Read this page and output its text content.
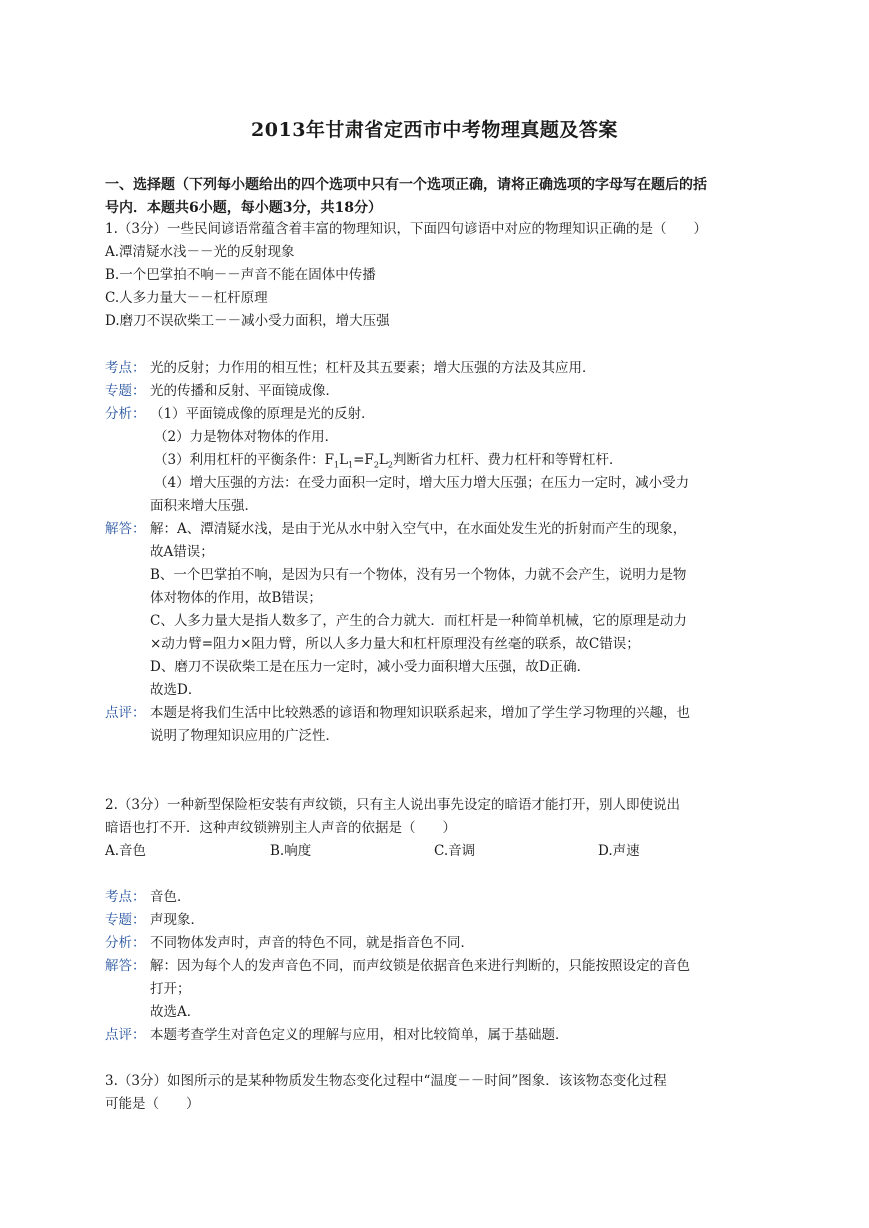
2013年甘肃省定西市中考物理真题及答案
一、选择题（下列每小题给出的四个选项中只有一个选项正确，请将正确选项的字母写在题后的括
号内．本题共6小题，每小题3分，共18分）
1.（3分）一些民间谚语常蕴含着丰富的物理知识，下面四句谚语中对应的物理知识正确的是（　　）
A.潭清疑水浅－－光的反射现象
B.一个巴掌拍不响－－声音不能在固体中传播
C.人多力量大－－杠杆原理
D.磨刀不误砍柴工－－减小受力面积，增大压强
考点： 光的反射；力作用的相互性；杠杆及其五要素；增大压强的方法及其应用．
专题： 光的传播和反射、平面镜成像．
分析： （1）平面镜成像的原理是光的反射．
（2）力是物体对物体的作用．
（3）利用杠杆的平衡条件：$F_1L_1=F_2L_2$判断省力杠杆、费力杠杆和等臂杠杆．
（4）增大压强的方法：在受力面积一定时，增大压力增大压强；在压力一定时，减小受力
面积来增大压强．
解答： 解：A、潭清疑水浅，是由于光从水中射入空气中，在水面处发生光的折射而产生的现象，
故A错误；
B、一个巴掌拍不响，是因为只有一个物体，没有另一个物体，力就不会产生，说明力是物
体对物体的作用，故B错误；
C、人多力量大是指人数多了，产生的合力就大．而杠杆是一种简单机械，它的原理是动力
×动力臂=阻力×阻力臂，所以人多力量大和杠杆原理没有丝毫的联系，故C错误；
D、磨刀不误砍柴工是在压力一定时，减小受力面积增大压强，故D正确．
故选D．
点评： 本题是将我们生活中比较熟悉的谚语和物理知识联系起来，增加了学生学习物理的兴趣，也
说明了物理知识应用的广泛性．
2.（3分）一种新型保险柜安装有声纹锁，只有主人说出事先设定的暗语才能打开，别人即使说出
暗语也打不开．这种声纹锁辨别主人声音的依据是（　　）
A.音色	B.响度	C.音调	D.声速
考点： 音色．
专题： 声现象．
分析： 不同物体发声时，声音的特色不同，就是指音色不同．
解答： 解：因为每个人的发声音色不同，而声纹锁是依据音色来进行判断的，只能按照设定的音色
打开；
故选A．
点评： 本题考查学生对音色定义的理解与应用，相对比较简单，属于基础题．
3.（3分）如图所示的是某种物质发生物态变化过程中“温度－－时间”图象．该该物态变化过程
可能是（　　）
